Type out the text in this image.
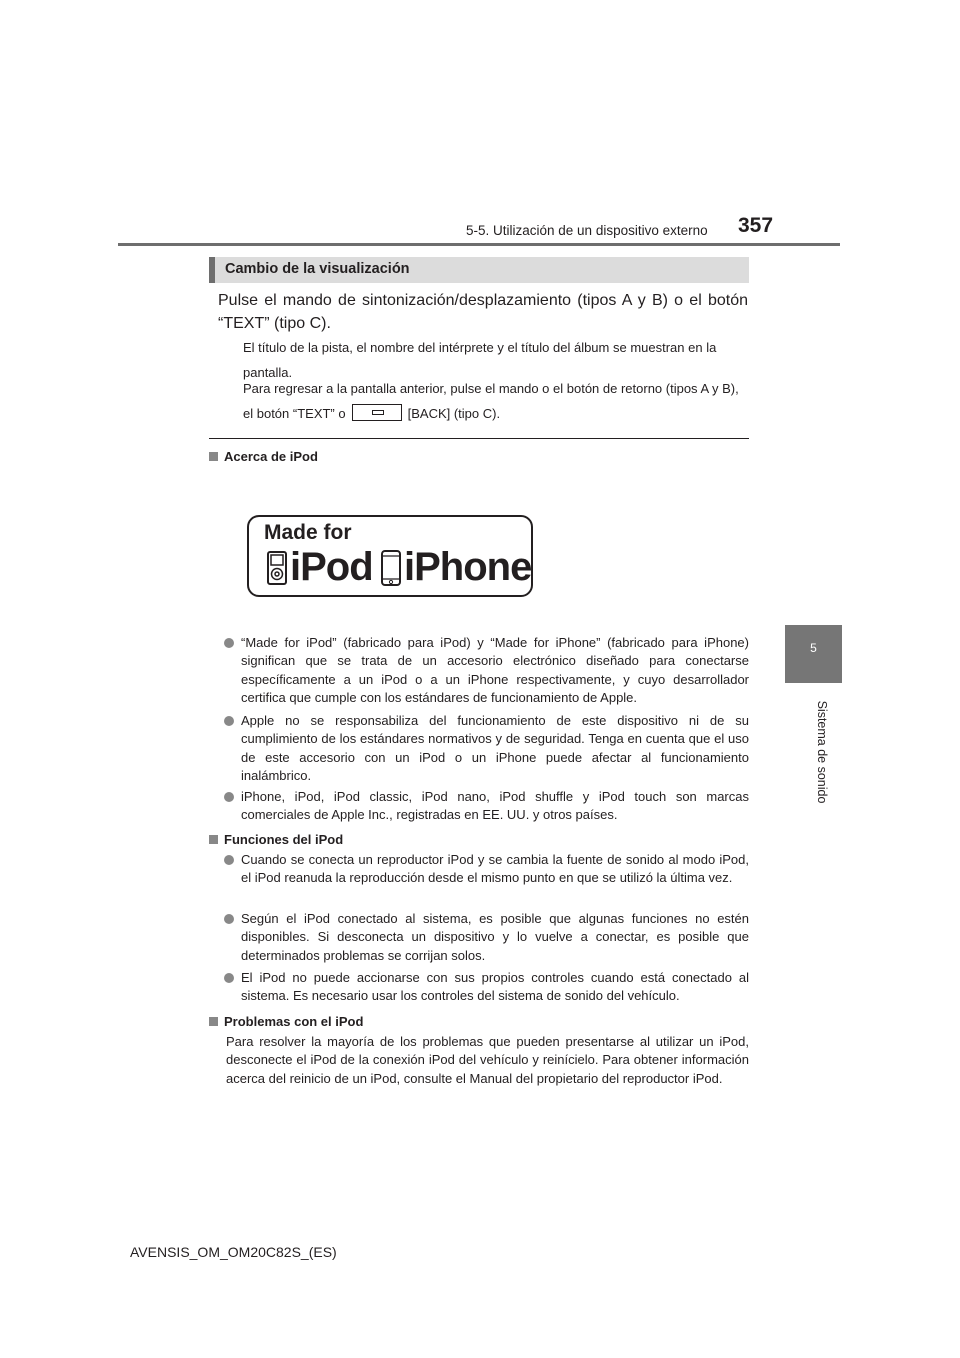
5-5. Utilización de un dispositivo externo 357
5
Sistema de sonido
Cambio de la visualización
Pulse el mando de sintonización/desplazamiento (tipos A y B) o el botón “TEXT” (tipo C).
El título de la pista, el nombre del intérprete y el título del álbum se muestran en la pantalla.
Para regresar a la pantalla anterior, pulse el mando o el botón de retorno (tipos A y B), el botón “TEXT” o	[BACK] (tipo C).
Acerca de iPod
Made for
iPod iPhone
“Made for iPod” (fabricado para iPod) y “Made for iPhone” (fabricado para iPhone) significan que se trata de un accesorio electrónico diseñado para conectarse específicamente a un iPod o a un iPhone respectivamente, y cuyo desarrollador certifica que cumple con los estándares de funcionamiento de Apple.
Apple no se responsabiliza del funcionamiento de este dispositivo ni de su cumplimiento de los estándares normativos y de seguridad. Tenga en cuenta que el uso de este accesorio con un iPod o un iPhone puede afectar al funcionamiento inalámbrico.
iPhone, iPod, iPod classic, iPod nano, iPod shuffle y iPod touch son marcas comerciales de Apple Inc., registradas en EE. UU. y otros países.
Funciones del iPod
Cuando se conecta un reproductor iPod y se cambia la fuente de sonido al modo iPod, el iPod reanuda la reproducción desde el mismo punto en que se utilizó la última vez.
Según el iPod conectado al sistema, es posible que algunas funciones no estén disponibles. Si desconecta un dispositivo y lo vuelve a conectar, es posible que determinados problemas se corrijan solos.
El iPod no puede accionarse con sus propios controles cuando está conectado al sistema. Es necesario usar los controles del sistema de sonido del vehículo.
Problemas con el iPod
Para resolver la mayoría de los problemas que pueden presentarse al utilizar un iPod, desconecte el iPod de la conexión iPod del vehículo y reinícielo. Para obtener información acerca del reinicio de un iPod, consulte el Manual del propietario del reproductor iPod.
AVENSIS_OM_OM20C82S_(ES)
